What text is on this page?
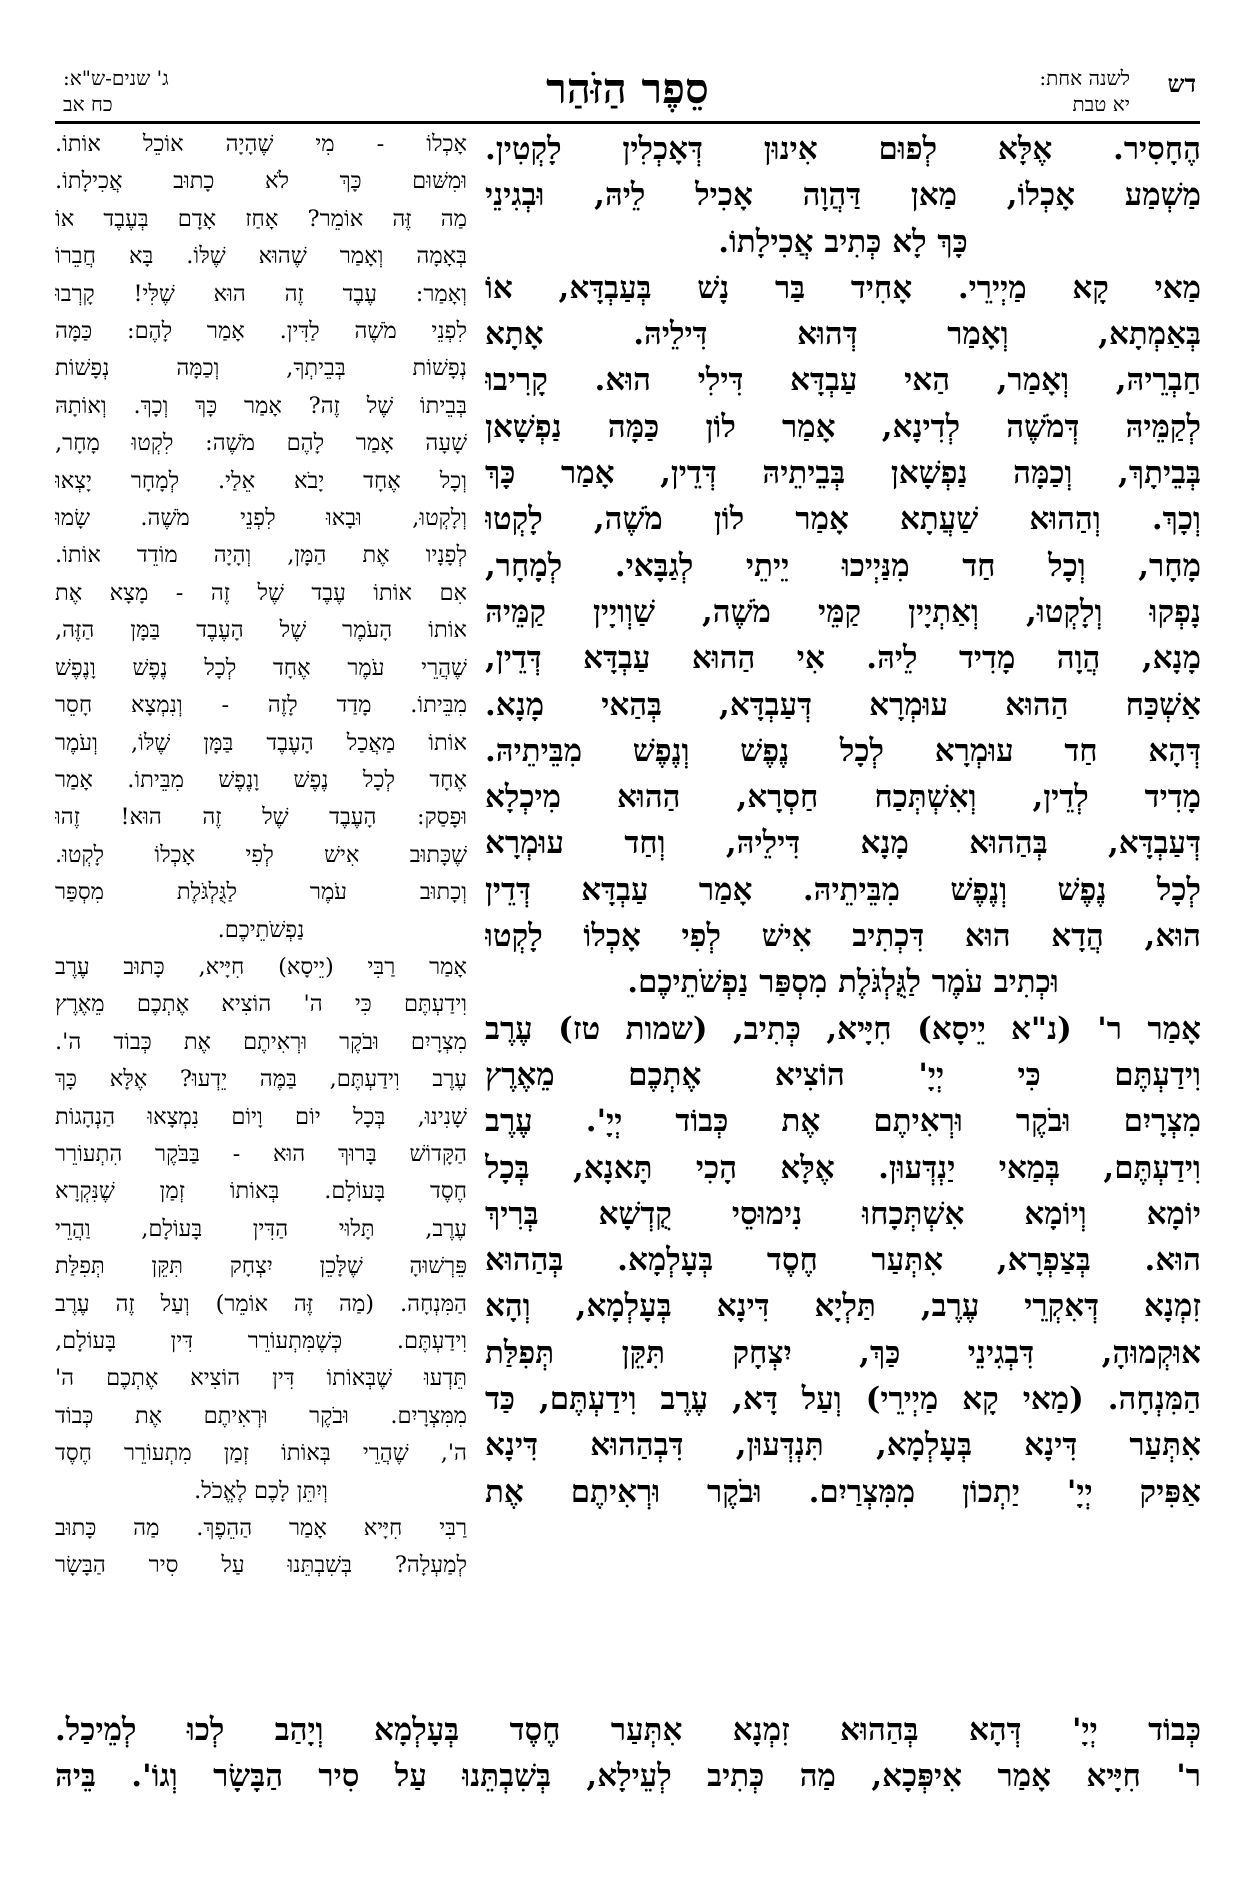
דש
לשנה אחת:
יא טבת
סֵפֶר הַזֹּהַר
ג' שנים-ש"א:
כח אב
הֶחָסִיר. אֶלָּא לְפוּם אִינוּן דְּאָכְלִין לָקְטִין.
מַשְׁמַע אָכְלוֹ, מַאן דַּהֲוָה אָכִיל לֵיהּ, וּבְגִינֵי
כָּךְ לָא כְּתִיב אֲכִילָתוֹ.
מַאי קָא מַיְירֵי. אָחִיד בַּר נָשׁ בְּעַבְדָּא, אוֹ
בְּאַמְתָא, וְאָמַר דְּהוּא דִּילֵיהּ. אָתָא
חַבְרֵיהּ, וְאָמַר, הַאי עַבְדָּא דִּילִי הוּא. קָרִיבוּ
לְקַמֵּיהּ דְּמֹשֶׁה לְדִינָא, אָמַר לוֹן כַּמָּה נַפְשָׁאן
בְּבֵיתָךְ, וְכַמָּה נַפְשָׁאן בְּבֵיתֵיהּ דְּדֵין, אָמַר כָּךְ
וְכָךְ. וְהַהוּא שַׁעֲתָא אָמַר לוֹן מֹשֶׁה, לָקְטוּ
מָחָר, וְכָל חַד מִנַּיְיכוּ יֵיתֵי לְגַבָּאי. לְמָחָר,
נָפְקוּ וְלָקְטוּ, וְאַתְיָין קַמֵּי מֹשֶׁה, שַׁוְויָין קַמֵּיהּ
מָנָא, הֲוָה מָדִיד לֵיהּ. אִי הַהוּא עַבְדָּא דְּדֵין,
אַשְׁכַּח הַהוּא עוּמְרָא דְּעַבְדָּא, בְּהַאי מָנָא.
דְּהָא חַד עוּמְרָא לְכָל נֶפֶשׁ וְנֶפֶשׁ מִבֵּיתֵיהּ.
מָדִיד לְדֵין, וְאִשְׁתְּכַח חַסְרָא, הַהוּא מִיכְלָא
דְּעַבְדָּא, בְּהַהוּא מָנָא דִּילֵיהּ, וְחַד עוּמְרָא
לְכָל נֶפֶשׁ וְנֶפֶשׁ מִבֵּיתֵיהּ. אָמַר עַבְדָּא דְּדֵין
הוּא, הֲדָא הוּא דִּכְתִיב אִישׁ לְפִי אָכְלוֹ לָקְטוּ
וּכְתִיב עֹמֶר לַגֻּלְגֹּלֶת מִסְפַּר נַפְשֹׁתֵיכֶם.
אָמַר ר' (נ"א יֵיסָא) חִיָּיא, כְּתִיב, (שמות טז) עֶרֶב
וִידַעְתֶּם כִּי יְיָ' הוֹצִיא אֶתְכֶם מֵאֶרֶץ
מִצְרָיִם וּבֹקֶר וּרְאִיתֶם אֶת כְּבוֹד יְיָ'. עֶרֶב
וִידַעְתֶּם, בְּמַאי יַנְדְּעוּן. אֶלָּא הָכִי תָּאנָא, בְּכָל
יוֹמָא וְיוֹמָא אִשְׁתְּכָחוּ נִימוּסֵי קֻדְשָׁא בְּרִיךְ
הוּא. בְּצַפְרָא, אִתְּעַר חֶסֶד בְּעָלְמָא. בְּהַהוּא
זִמְנָא דְּאִקְרֵי עֶרֶב, תַּלְיָא דִּינָא בְּעָלְמָא, וְהָא
אוּקְמוּהָ, דִּבְגִינֵי כַּךְ, יִצְחָק תִּקֵּן תְּפִלַּת
הַמִּנְחָה. (מַאי קָא מַיְירֵי) וְעַל דָּא, עֶרֶב וִידַעְתֶּם, כַּד
אִתְּעַר דִּינָא בְּעָלְמָא, תִּנְדְּעוּן, דִּבְהַהוּא דִּינָא
אַפִּיק יְיָ' יַתְכוֹן מִמִּצְרַיִם. וּבֹקֶר וּרְאִיתֶם אֶת
אָכְלוֹ - מִי שֶׁהָיָה אוֹכֵל אוֹתוֹ.
וּמִשּׁוּם כָּךְ לֹא כָתוּב אֲכִילָתוֹ.
מַה זֶּה אוֹמֵר? אָחַז אָדָם בְּעֶבֶד אוֹ
בְּאָמָה וְאָמַר שֶׁהוּא שֶׁלּוֹ. בָּא חֲבֵרוֹ
וְאָמַר: עֶבֶד זֶה הוּא שֶׁלִּי! קָרְבוּ
לִפְנֵי מֹשֶׁה לַדִּין. אָמַר לָהֶם: כַּמָּה
נְפָשׁוֹת בְּבֵיתְךָ, וְכַמָּה נְפָשׁוֹת
בְּבֵיתוֹ שֶׁל זֶה? אָמַר כָּךְ וְכָךְ. וְאוֹתָהּ
שָׁעָה אָמַר לָהֶם מֹשֶׁה: לִקְטוּ מָחָר,
וְכָל אֶחָד יָבֹא אֵלַי. לְמָחָר יָצְאוּ
וְלָקְטוּ, וּבָאוּ לִפְנֵי מֹשֶׁה. שָׂמוּ
לְפָנָיו אֶת הַמָּן, וְהָיָה מוֹדֵד אוֹתוֹ.
אִם אוֹתוֹ עֶבֶד שֶׁל זֶה - מָצָא אֶת
אוֹתוֹ הָעֹמֶר שֶׁל הָעֶבֶד בַּמָּן הַזֶּה,
שֶׁהֲרֵי עֹמֶר אֶחָד לְכָל נֶפֶשׁ וָנֶפֶשׁ
מִבֵּיתוֹ. מָדַד לָזֶה - וְנִמְצָא חָסֵר
אוֹתוֹ מַאֲכַל הָעֶבֶד בַּמָּן שֶׁלּוֹ, וְעֹמֶר
אֶחָד לְכָל נֶפֶשׁ וָנֶפֶשׁ מִבֵּיתוֹ. אָמַר
וּפָסַק: הָעֶבֶד שֶׁל זֶה הוּא! זֶהוּ
שֶׁכָּתוּב אִישׁ לְפִי אָכְלוֹ לָקְטוּ.
וְכָתוּב עֹמֶר לַגֻּלְגֹּלֶת מִסְפַּר
נַפְשֹׁתֵיכֶם.
אָמַר רַבִּי (יֵיסָא) חִיָּיא, כָּתוּב עֶרֶב
וִידַעְתֶּם כִּי ה' הוֹצִיא אֶתְכֶם מֵאֶרֶץ
מִצְרָיִם וּבֹקֶר וּרְאִיתֶם אֶת כְּבוֹד ה'.
עֶרֶב וִידַעְתֶּם, בַּמֶּה יֵדְעוּ? אֶלָּא כָּךְ
שָׁנִינוּ, בְּכָל יוֹם וָיוֹם נִמְצָאוּ הַנְהָגוֹת
הַקָּדוֹשׁ בָּרוּךְ הוּא - בַּבֹּקֶר הִתְעוֹרֵר
חֶסֶד בָּעוֹלָם. בְּאוֹתוֹ זְמַן שֶׁנִּקְרָא
עֶרֶב, תָּלוּי הַדִּין בָּעוֹלָם, וַהֲרֵי
פֵּרְשׁוּהָ שֶׁלָּכֵן יִצְחָק תִּקֵּן תְּפִלַּת
הַמִּנְחָה. (מַה זֶּה אוֹמֵר) וְעַל זֶה עֶרֶב
וִידַעְתֶּם. כְּשֶׁמִּתְעוֹרֵר דִּין בָּעוֹלָם,
תֵּדְעוּ שֶׁבְּאוֹתוֹ דִּין הוֹצִיא אֶתְכֶם ה'
מִמִּצְרָיִם. וּבֹקֶר וּרְאִיתֶם אֶת כְּבוֹד
ה', שֶׁהֲרֵי בְּאוֹתוֹ זְמַן מִתְעוֹרֵר חֶסֶד
וְיִתֵּן לָכֶם לֶאֱכֹל.
רַבִּי חִיָּיא אָמַר הַהֵפֶךְ. מַה כָּתוּב
לְמַעְלָה? בְּשִׁבְתֵּנוּ עַל סִיר הַבָּשָׂר
כְּבוֹד יְיָ' דְּהָא בְּהַהוּא זִמְנָא אִתְּעַר חֶסֶד בְּעָלְמָא וְיָהַב לְכוּ לְמֵיכַל.
ר' חִיָּיא אָמַר אִיפְּכָא, מַה כְּתִיב לְעֵילָא, בְּשִׁבְתֵּנוּ עַל סִיר הַבָּשָׂר וְגוֹ'. בֵּיהּ
